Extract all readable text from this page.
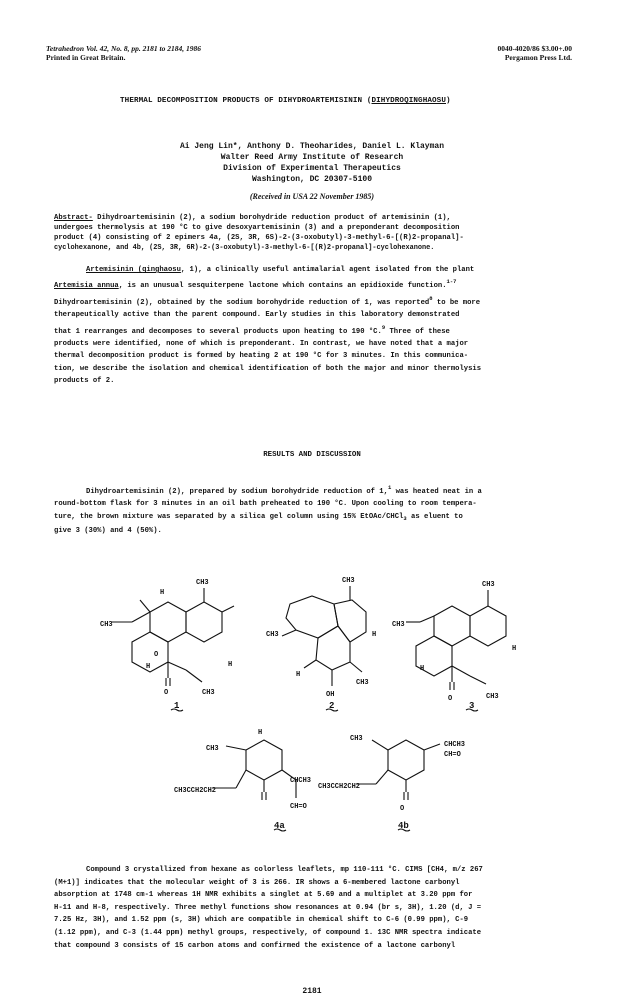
Tetrahedron Vol. 42, No. 8, pp. 2181 to 2184, 1986
Printed in Great Britain.
0040-4020/86 $3.00+.00
Pergamon Press Ltd.
THERMAL DECOMPOSITION PRODUCTS OF DIHYDROARTEMISININ (DIHYDROQINGHAOSU)
Ai Jeng Lin*, Anthony D. Theoharides, Daniel L. Klayman
Walter Reed Army Institute of Research
Division of Experimental Therapeutics
Washington, DC 20307-5100
(Received in USA 22 November 1985)
Abstract- Dihydroartemisinin (2), a sodium borohydride reduction product of artemisinin (1),
undergoes thermolysis at 190 °C to give desoxyartemisinin (3) and a preponderant decomposition
product (4) consisting of 2 epimers 4a, (2S, 3R, 6S)-2-(3-oxobutyl)-3-methyl-6-[(R)2-propanal]-
cyclohexanone, and 4b, (2S, 3R, 6R)-2-(3-oxobutyl)-3-methyl-6-[(R)2-propanal]-cyclohexanone.
Artemisinin (qinghaosu, 1), a clinically useful antimalarial agent isolated from the plant
Artemisia annua, is an unusual sesquiterpene lactone which contains an epidioxide function.$^{1-7}$
Dihydroartemisinin (2), obtained by the sodium borohydride reduction of 1, was reported$^8$ to be more
therapeutically active than the parent compound. Early studies in this laboratory demonstrated
that 1 rearranges and decomposes to several products upon heating to 190 °C.$^9$ Three of these
products were identified, none of which is preponderant. In contrast, we have noted that a major
thermal decomposition product is formed by heating 2 at 190 °C for 3 minutes. In this communica-
tion, we describe the isolation and chemical identification of both the major and minor thermolysis
products of 2.
RESULTS AND DISCUSSION
Dihydroartemisinin (2), prepared by sodium borohydride reduction of 1,$^1$ was heated neat in a
round-bottom flask for 3 minutes in an oil bath preheated to 190 °C. Upon cooling to room tempera-
ture, the brown mixture was separated by a silica gel column using 15% EtOAc/CHCl$_3$ as eluent to
give 3 (30%) and 4 (50%).
CH3
CH3
H
O
H
CH3
H
O
CH3
CH3
CH3
OH
H
H
CH3
CH3
CH3
O
H
H
CH3
CH3CCH2CH2
CHCH3
CH=O
H
CH3
CH3CCH2CH2
CHCH3
CH=O
O
1	2	3
4a	4b
Compound 3 crystallized from hexane as colorless leaflets, mp 110-111 °C. CIMS [CH4, m/z 267
(M+1)] indicates that the molecular weight of 3 is 266. IR shows a 6-membered lactone carbonyl
absorption at 1748 cm-1 whereas 1H NMR exhibits a singlet at 5.69 and a multiplet at 3.20 ppm for
H-11 and H-8, respectively. Three methyl functions show resonances at 0.94 (br s, 3H), 1.20 (d, J =
7.25 Hz, 3H), and 1.52 ppm (s, 3H) which are compatible in chemical shift to C-6 (0.99 ppm), C-9
(1.12 ppm), and C-3 (1.44 ppm) methyl groups, respectively, of compound 1. 13C NMR spectra indicate
that compound 3 consists of 15 carbon atoms and confirmed the existence of a lactone carbonyl
2181
